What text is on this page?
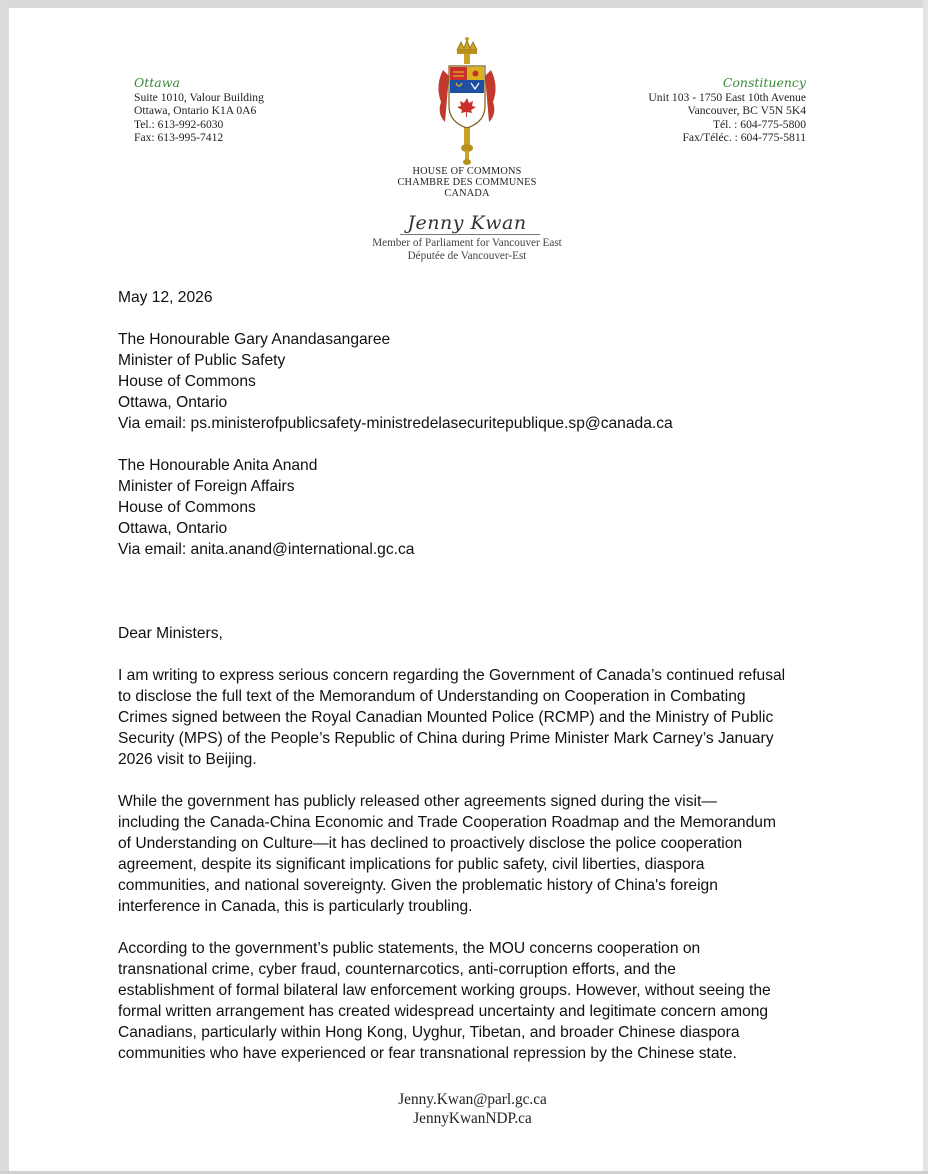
Ottawa
Suite 1010, Valour Building
Ottawa, Ontario K1A 0A6
Tel.: 613-992-6030
Fax: 613-995-7412
Constituency
Unit 103 - 1750 East 10th Avenue
Vancouver, BC V5N 5K4
Tél. : 604-775-5800
Fax/Téléc. : 604-775-5811
HOUSE OF COMMONS
CHAMBRE DES COMMUNES
CANADA
Jenny Kwan
Member of Parliament for Vancouver East
Députée de Vancouver-Est

May 12, 2026

The Honourable Gary Anandasangaree

Minister of Public Safety

House of Commons

Ottawa, Ontario

Via email: ps.ministerofpublicsafety-ministredelasecuritepublique.sp@canada.ca

The Honourable Anita Anand

Minister of Foreign Affairs

House of Commons

Ottawa, Ontario

Via email: anita.anand@international.gc.ca

Dear Ministers,

I am writing to express serious concern regarding the Government of Canada’s continued refusal
to disclose the full text of the Memorandum of Understanding on Cooperation in Combating
Crimes signed between the Royal Canadian Mounted Police (RCMP) and the Ministry of Public
Security (MPS) of the People’s Republic of China during Prime Minister Mark Carney’s January
2026 visit to Beijing.
While the government has publicly released other agreements signed during the visit—
including the Canada-China Economic and Trade Cooperation Roadmap and the Memorandum
of Understanding on Culture—it has declined to proactively disclose the police cooperation
agreement, despite its significant implications for public safety, civil liberties, diaspora
communities, and national sovereignty. Given the problematic history of China's foreign
interference in Canada, this is particularly troubling.
According to the government’s public statements, the MOU concerns cooperation on
transnational crime, cyber fraud, counternarcotics, anti-corruption efforts, and the
establishment of formal bilateral law enforcement working groups. However, without seeing the
formal written arrangement has created widespread uncertainty and legitimate concern among
Canadians, particularly within Hong Kong, Uyghur, Tibetan, and broader Chinese diaspora
communities who have experienced or fear transnational repression by the Chinese state.
Jenny.Kwan@parl.gc.ca
JennyKwanNDP.ca
